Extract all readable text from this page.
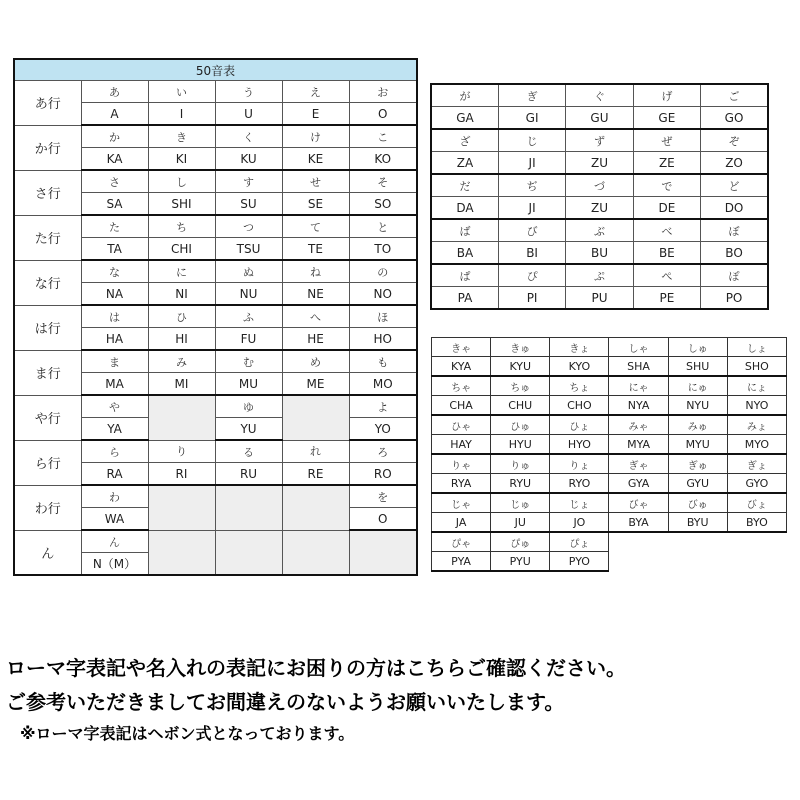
50音表					
あ行	あ	い	う	え	お
	A	I	U	E	O
か行	か	き	く	け	こ
	KA	KI	KU	KE	KO
さ行	さ	し	す	せ	そ
	SA	SHI	SU	SE	SO
た行	た	ち	つ	て	と
	TA	CHI	TSU	TE	TO
な行	な	に	ぬ	ね	の
	NA	NI	NU	NE	NO
は行	は	ひ	ふ	へ	ほ
	HA	HI	FU	HE	HO
ま行	ま	み	む	め	も
	MA	MI	MU	ME	MO
や行	や		ゆ		よ
	YA		YU		YO
ら行	ら	り	る	れ	ろ
	RA	RI	RU	RE	RO
わ行	わ				を
	WA				O
ん	ん				
	N（M）				
が	ぎ	ぐ	げ	ご
GA	GI	GU	GE	GO
ざ	じ	ず	ぜ	ぞ
ZA	JI	ZU	ZE	ZO
だ	ぢ	づ	で	ど
DA	JI	ZU	DE	DO
ば	び	ぶ	べ	ぼ
BA	BI	BU	BE	BO
ぱ	ぴ	ぷ	ぺ	ぽ
PA	PI	PU	PE	PO
きゃ	きゅ	きょ	しゃ	しゅ	しょ
KYA	KYU	KYO	SHA	SHU	SHO
ちゃ	ちゅ	ちょ	にゃ	にゅ	にょ
CHA	CHU	CHO	NYA	NYU	NYO
ひゃ	ひゅ	ひょ	みゃ	みゅ	みょ
HAY	HYU	HYO	MYA	MYU	MYO
りゃ	りゅ	りょ	ぎゃ	ぎゅ	ぎょ
RYA	RYU	RYO	GYA	GYU	GYO
じゃ	じゅ	じょ	びゃ	びゅ	びょ
JA	JU	JO	BYA	BYU	BYO
ぴゃ	ぴゅ	ぴょ			
PYA	PYU	PYO			

ローマ字表記や名入れの表記にお困りの方はこちらご確認ください。

ご参考いただきましてお間違えのないようお願いいたします。

※ローマ字表記はヘボン式となっております。
